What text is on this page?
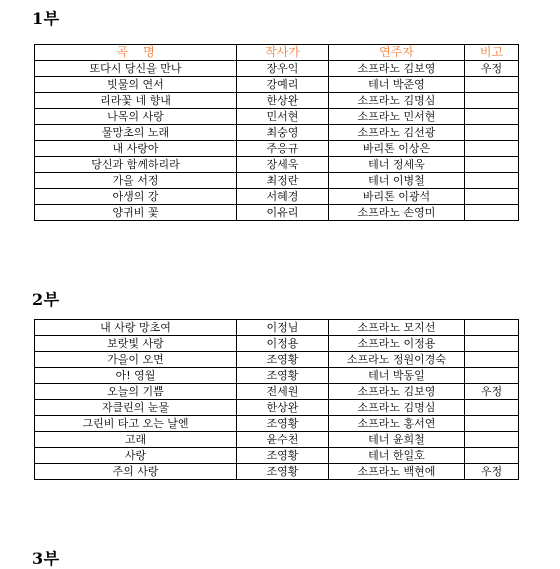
1부
곡    명	작사가	연주자	비고
또다시 당신을 만나	장우익	소프라노 김보영	우정
빗물의 연서	강예리	테너 박준영	
리라꽃 네 향내	한상완	소프라노 김명심	
나목의 사랑	민서현	소프라노 민서현	
물망초의 노래	최숭영	소프라노 김선광	
내 사랑아	주응규	바리톤 이상은	
당신과 함께하리라	장세욱	테너 정세욱	
가을 서정	최정란	테너 이병철	
아생의 강	서혜경	바리톤 이광석	
양귀비 꽃	이유리	소프라노 손영미	
2부
내 사랑 망초여	이정님	소프라노 모지선	
보랏빛 사랑	이정용	소프라노 이정용	
가을이 오면	조영황	소프라노 정원이경숙	
아! 영월	조영황	테너 박동일	
오늘의 기쁨	전세원	소프라노 김보영	우정
자클린의 눈물	한상완	소프라노 김명심	
그린비 타고 오는 날엔	조영황	소프라노 홍서연	
고래	윤수천	테너 윤희철	
사랑	조영황	테너 한일호	
주의 사랑	조영황	소프라노 백현에	우정
3부
